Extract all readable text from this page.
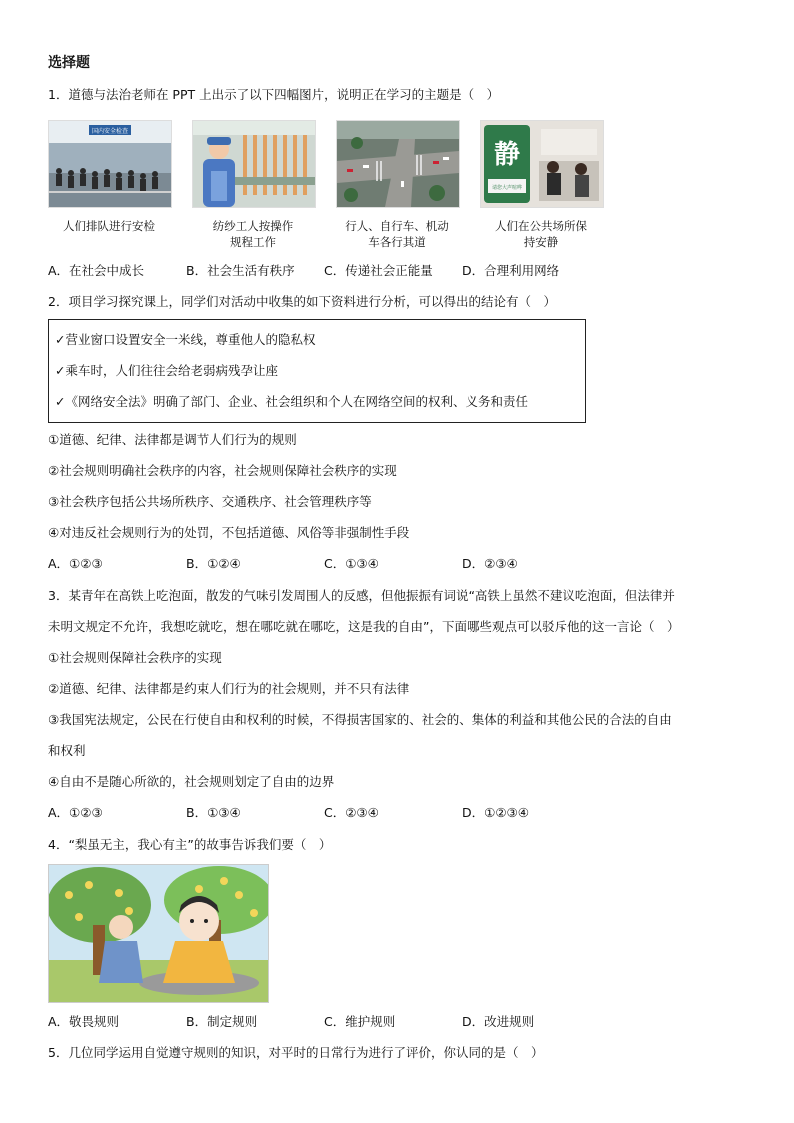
选择题
1．道德与法治老师在 PPT 上出示了以下四幅图片，说明正在学习的主题是（　）
国内安全检查
静
请您大声喧哗
人们排队进行安检	纺纱工人按操作
规程工作
行人、自行车、机动
车各行其道
人们在公共场所保
持安静
A．在社会中成长	B．社会生活有秩序 C．传递社会正能量 D．合理利用网络
2．项目学习探究课上，同学们对活动中收集的如下资料进行分析，可以得出的结论有（　）
✓营业窗口设置安全一米线，尊重他人的隐私权
✓乘车时，人们往往会给老弱病残孕让座
✓《网络安全法》明确了部门、企业、社会组织和个人在网络空间的权利、义务和责任
①道德、纪律、法律都是调节人们行为的规则
②社会规则明确社会秩序的内容，社会规则保障社会秩序的实现
③社会秩序包括公共场所秩序、交通秩序、社会管理秩序等
④对违反社会规则行为的处罚，不包括道德、风俗等非强制性手段
A．①②③	B．①②④	C．①③④	D．②③④
3．某青年在高铁上吃泡面，散发的气味引发周围人的反感，但他振振有词说“高铁上虽然不建议吃泡面，但法律并
未明文规定不允许，我想吃就吃，想在哪吃就在哪吃，这是我的自由”，下面哪些观点可以驳斥他的这一言论（　）
①社会规则保障社会秩序的实现
②道德、纪律、法律都是约束人们行为的社会规则，并不只有法律
③我国宪法规定，公民在行使自由和权利的时候，不得损害国家的、社会的、集体的利益和其他公民的合法的自由
和权利
④自由不是随心所欲的，社会规则划定了自由的边界
A．①②③	B．①③④	C．②③④	D．①②③④
4．“梨虽无主，我心有主”的故事告诉我们要（　）
A．敬畏规则	B．制定规则	C．维护规则	D．改进规则
5．几位同学运用自觉遵守规则的知识，对平时的日常行为进行了评价，你认同的是（　）
